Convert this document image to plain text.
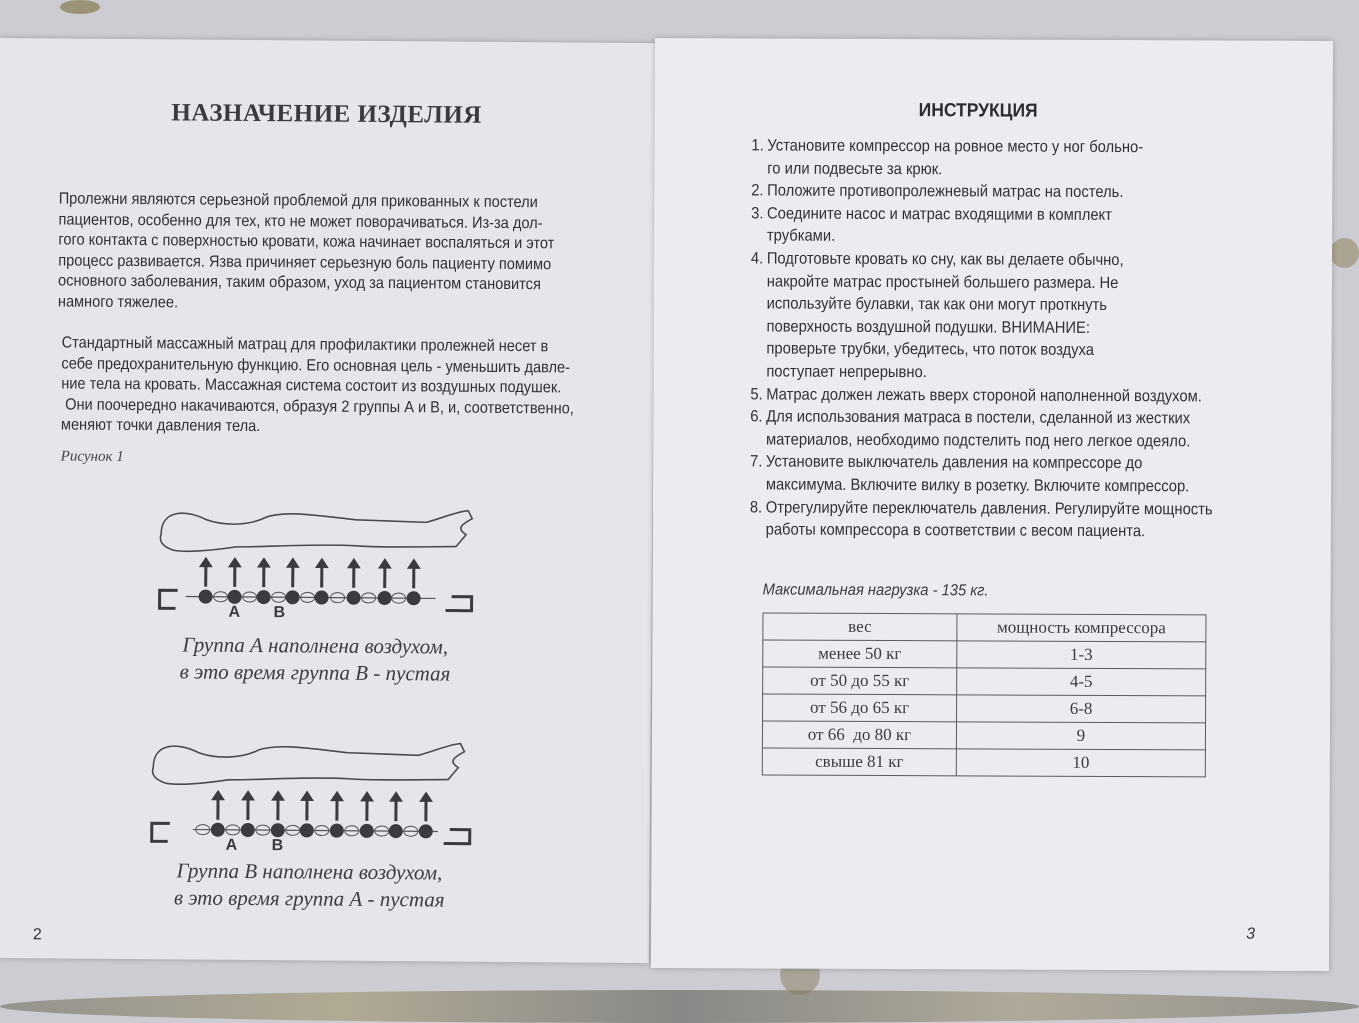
НАЗНАЧЕНИЕ ИЗДЕЛИЯ
Пролежни являются серьезной проблемой для прикованных к постели
пациентов, особенно для тех, кто не может поворачиваться. Из-за дол-
гого контакта с поверхностью кровати, кожа начинает воспаляться и этот
процесс развивается. Язва причиняет серьезную боль пациенту помимо
основного заболевания, таким образом, уход за пациентом становится
намного тяжелее.
Стандартный массажный матрац для профилактики пролежней несет в
себе предохранительную функцию. Его основная цель - уменьшить давле-
ние тела на кровать. Массажная система состоит из воздушных подушек.
Они поочередно накачиваются, образуя 2 группы А и В, и, соответственно,
меняют точки давления тела.
Рисунок 1
A B
Группа А наполнена воздухом,
в это время группа В - пустая
A B
Группа В наполнена воздухом,
в это время группа А - пустая
2
ИНСТРУКЦИЯ
1. Установите компрессор на ровное место у ног больно-
го или подвесьте за крюк.
2. Положите противопролежневый матрас на постель.
3. Соедините насос и матрас входящими в комплект
трубками.
4. Подготовьте кровать ко сну, как вы делаете обычно,
накройте матрас простыней большего размера. Не
используйте булавки, так как они могут проткнуть
поверхность воздушной подушки. ВНИМАНИЕ:
проверьте трубки, убедитесь, что поток воздуха
поступает непрерывно.
5. Матрас должен лежать вверх стороной наполненной воздухом.
6. Для использования матраса в постели, сделанной из жестких
материалов, необходимо подстелить под него легкое одеяло.
7. Установите выключатель давления на компрессоре до
максимума. Включите вилку в розетку. Включите компрессор.
8. Отрегулируйте переключатель давления. Регулируйте мощность
работы компрессора в соответствии с весом пациента.
Максимальная нагрузка - 135 кг.
вес	мощность компрессора
менее 50 кг	1-3
от 50 до 55 кг	4-5
от 56 до 65 кг	6-8
от 66  до 80 кг	9
свыше 81 кг	10
3
